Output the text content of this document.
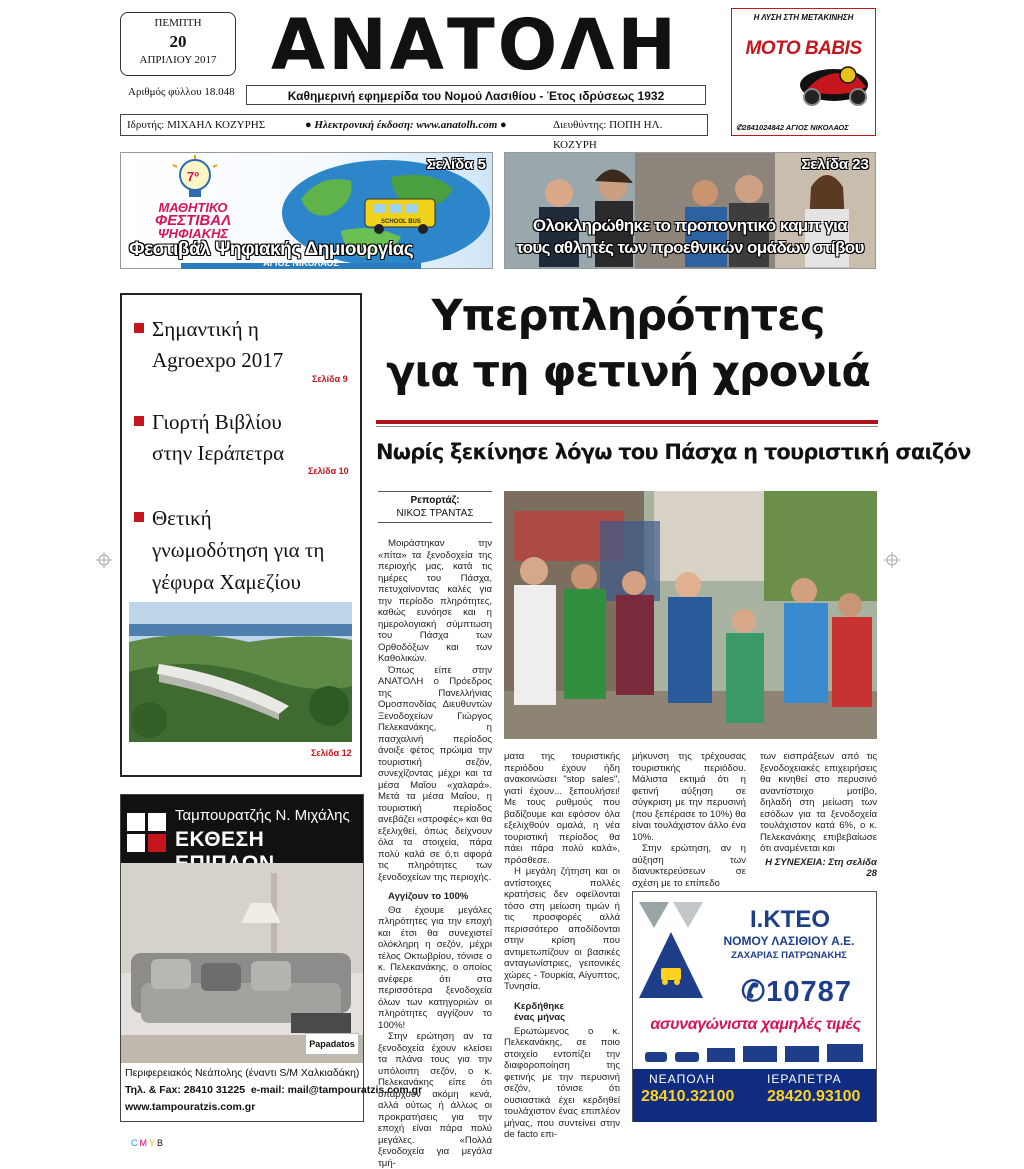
ΠΕΜΠΤΗ
20
ΑΠΡΙΛΙΟΥ 2017
Αριθμός φύλλου 18.048
ΑΝΑΤΟΛΗ
Καθημερινή εφημερίδα του Νομού Λασιθίου - Έτος ιδρύσεως 1932
Ιδρυτής: ΜΙΧΑΗΛ ΚΟΖΥΡΗΣ	● Ηλεκτρονική έκδοση: www.anatolh.com ●	Διευθύντης: ΠΟΠΗ ΗΛ. ΚΟΖΥΡΗ
Η ΛΥΣΗ ΣΤΗ ΜΕΤΑΚΙΝΗΣΗ
MOTO BABIS
✆2841024842 ΑΓΙΟΣ ΝΙΚΟΛΑΟΣ
SCHOOL BUS
7º
ΜΑΘΗΤΙΚΟ
ΦΕΣΤΙΒΑΛ
ΨΗΦΙΑΚΗΣ
Σελίδα 5
Φεστιβάλ Ψηφιακής Δημιουργίας
ΑΓΙΟΣ ΝΙΚΟΛΑΟΣ
Σελίδα 23
Ολοκληρώθηκε το προπονητικό καμπ για
τους αθλητές των προεθνικών ομάδων στίβου
Σημαντική η
Agroexpo 2017
Σελίδα 9
Γιορτή Βιβλίου
στην Ιεράπετρα
Σελίδα 10
Θετική
γνωμοδότηση για τη
γέφυρα Χαμεζίου
Σελίδα 12
Υπερπληρότητες
για τη φετινή χρονιά
Νωρίς ξεκίνησε λόγω του Πάσχα η τουριστική σαιζόν
Ρεπορτάζ:
ΝΙΚΟΣ ΤΡΑΝΤΑΣ

Μοιράστηκαν την «πίτα» τα ξενοδοχεία της περιοχής μας, κατά τις ημέρες του Πάσχα, πετυχαίνοντας καλές για την περίοδο πληρότητες, καθώς ευνόησε και η ημερολογιακή σύμπτωση του Πάσχα των Ορθοδόξων και των Καθολικών.

Όπως είπε στην ΑΝΑΤΟΛΗ ο Πρόεδρος της Πανελλήνιας Ομοσπονδίας Διευθυντών Ξενοδοχείων Γιώργος Πελεκανάκης, η πασχαλινή περίοδος άνοιξε φέτος πρώιμα την τουριστική σεζόν, συνεχίζοντας μέχρι και τα μέσα Μαΐου «χαλαρά». Μετά τα μέσα Μαΐου, η τουριστική περίοδος ανεβάζει «στροφές» και θα εξελιχθεί, όπως δείχνουν όλα τα στοιχεία, πάρα πολύ καλά σε ό,τι αφορά τις πληρότητες των ξενοδοχείων της περιοχής.

Αγγίζουν το 100%

Θα έχουμε μεγάλες πληρότητες για την εποχή και έτσι θα συνεχιστεί ολόκληρη η σεζόν, μέχρι τέλος Οκτωβρίου, τόνισε ο κ. Πελεκανάκης, ο οποίος ανέφερε ότι στα περισσότερα ξενοδοχεία όλων των κατηγοριών οι πληρότητες αγγίζουν το 100%!

Στην ερώτηση αν τα ξενοδοχεία έχουν κλείσει τα πλάνα τους για την υπόλοιπη σεζόν, ο κ. Πελεκανάκης είπε ότι υπάρχουν ακόμη κενά, αλλά ούτως ή άλλως οι προκρατήσεις για την εποχή είναι πάρα πολύ μεγάλες. «Πολλά ξενοδοχεία για μεγάλα τμή-

ματα της τουριστικής περιόδου έχουν ήδη ανακοινώσει "stop sales", γιατί έχουν... ξεπουλήσει! Με τους ρυθμούς που βαδίζουμε και εφόσον όλα εξελιχθούν ομαλά, η νέα τουριστική περίοδος θα πάει πάρα πολύ καλά», πρόσθεσε.

Η μεγάλη ζήτηση και οι αντίστοιχες πολλές κρατήσεις δεν οφείλονται τόσο στη μείωση τιμών ή τις προσφορές αλλά περισσότερο αποδίδονται στην κρίση που αντιμετωπίζουν οι βασικές ανταγωνίστριες, γειτονικές χώρες - Τουρκία, Αίγυπτος, Τυνησία.

Κερδήθηκε
ένας μήνας

Ερωτώμενος ο κ. Πελεκανάκης, σε ποιο στοιχείο εντοπίζει την διαφοροποίηση της φετινής με την περυσινή σεζόν, τόνισε ότι ουσιαστικά έχει κερδηθεί τουλάχιστον ένας επιπλέον μήνας, που συντείνει στην de facto επι-

μήκυνση της τρέχουσας τουριστικής περιόδου. Μάλιστα εκτιμά ότι η φετινή αύξηση σε σύγκριση με την περυσινή (που ξεπέρασε το 10%) θα είναι τουλάχιστον άλλο ένα 10%.

Στην ερώτηση, αν η αύξηση των διανυκτερεύσεων σε σχέση με το επίπεδο

των εισπράξεων από τις ξενοδοχειακές επιχειρήσεις θα κινηθεί στο περυσινό αναντίστοιχο μοτίβο, δηλαδή στη μείωση των εσόδων για τα ξενοδοχεία τουλάχιστον κατά 6%, ο κ. Πελεκανάκης επιβεβαίωσε ότι αναμένεται και

Η ΣΥΝΕΧΕΙΑ: Στη σελίδα 28
Ταμπουρατζής Ν. Μιχάλης
ΕΚΘΕΣΗ
Papadatos
Περιφερειακός Νεάπολης (έναντι S/M Χαλκιαδάκη)
Τηλ. & Fax: 28410 31225 e-mail: mail@tampouratzis.com.gr
www.tampouratzis.com.gr
Ι.ΚΤΕΟ
ΝΟΜΟΥ ΛΑΣΙΘΙΟΥ Α.Ε.
ΖΑΧΑΡΙΑΣ ΠΑΤΡΩΝΑΚΗΣ
✆10787
ασυναγώνιστα χαμηλές τιμές
ΝΕΑΠΟΛΗ
28410.32100
ΙΕΡΑΠΕΤΡΑ
28420.93100
CMYB
